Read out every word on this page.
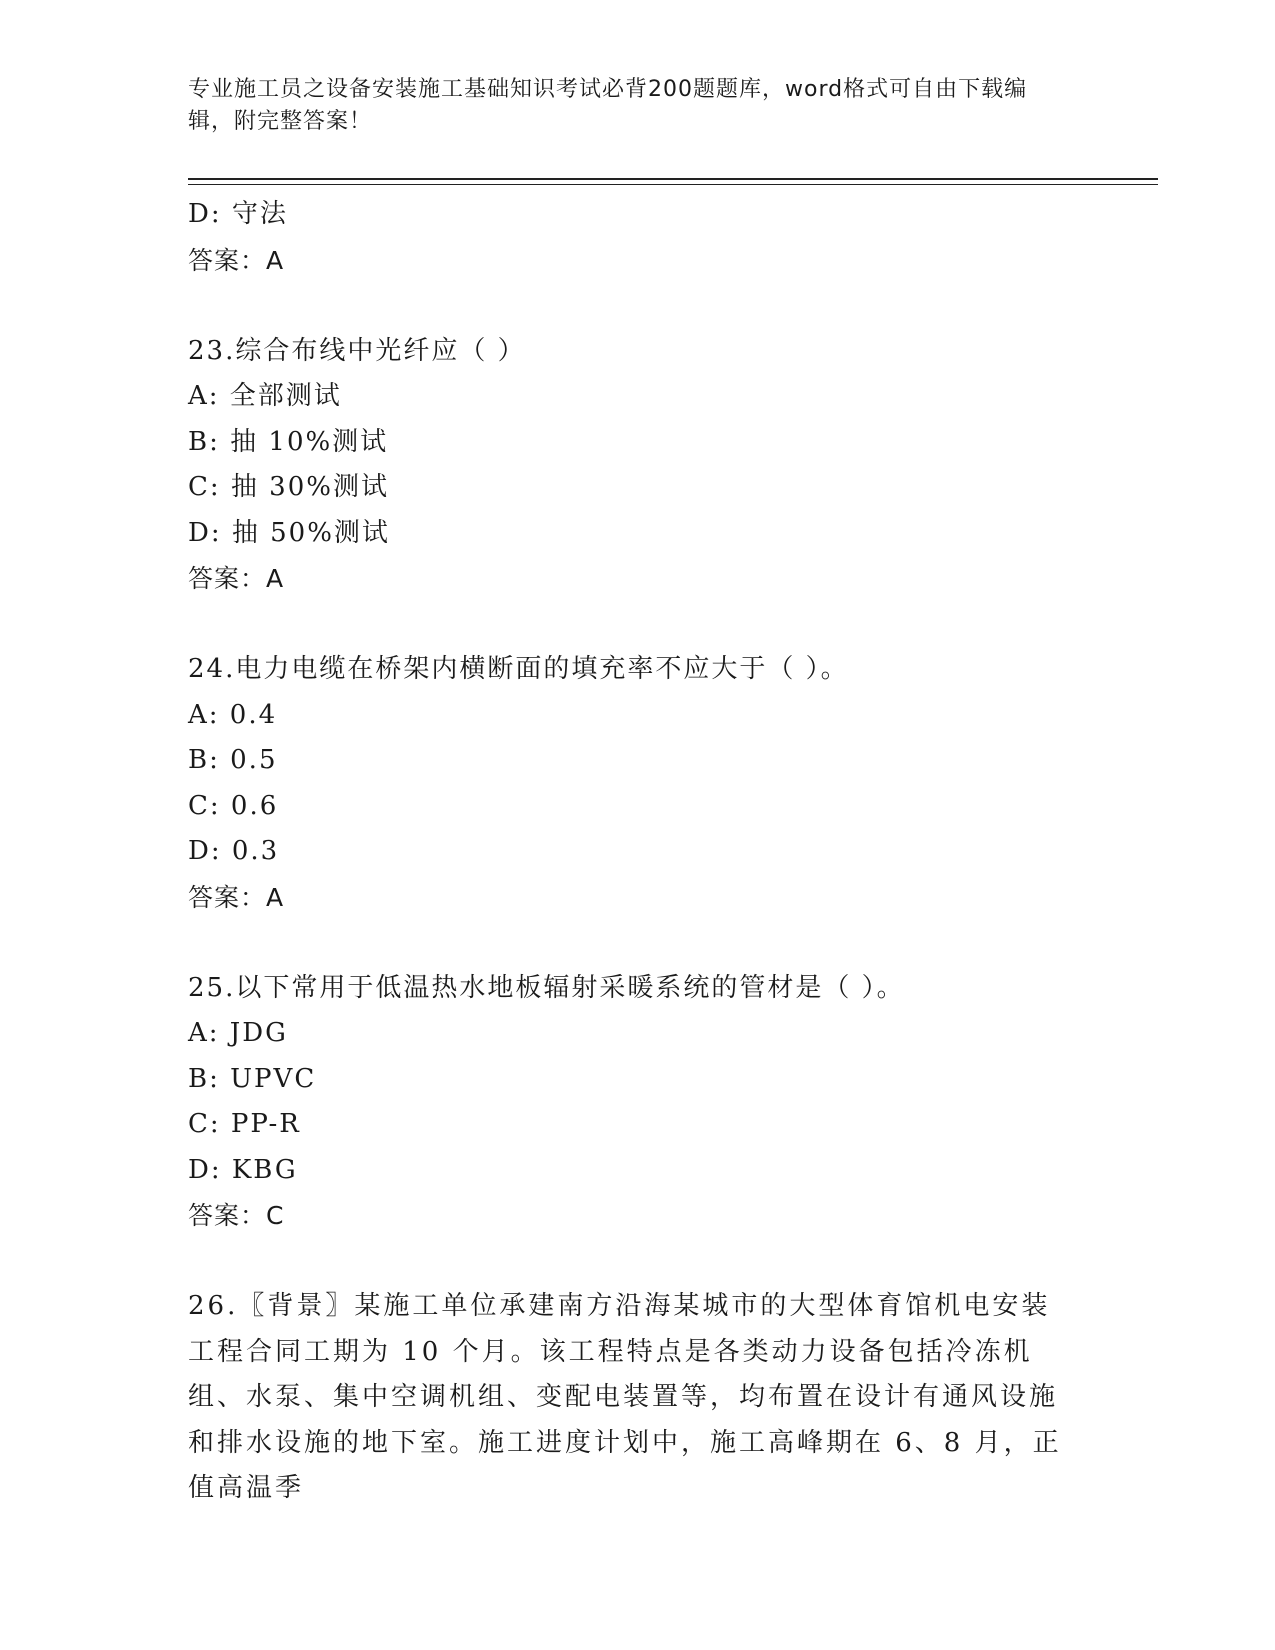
专业施工员之设备安装施工基础知识考试必背200题题库，word格式可自由下载编辑，附完整答案！
D: 守法
答案：A
23.综合布线中光纤应（ ）
A: 全部测试
B: 抽 10%测试
C: 抽 30%测试
D: 抽 50%测试
答案：A
24.电力电缆在桥架内横断面的填充率不应大于（ ）。
A: 0.4
B: 0.5
C: 0.6
D: 0.3
答案：A
25.以下常用于低温热水地板辐射采暖系统的管材是（ ）。
A: JDG
B: UPVC
C: PP-R
D: KBG
答案：C
26.〖背景〗某施工单位承建南方沿海某城市的大型体育馆机电安装工程合同工期为 10 个月。该工程特点是各类动力设备包括冷冻机组、水泵、集中空调机组、变配电装置等，均布置在设计有通风设施和排水设施的地下室。施工进度计划中，施工高峰期在 6、8 月，正值高温季
